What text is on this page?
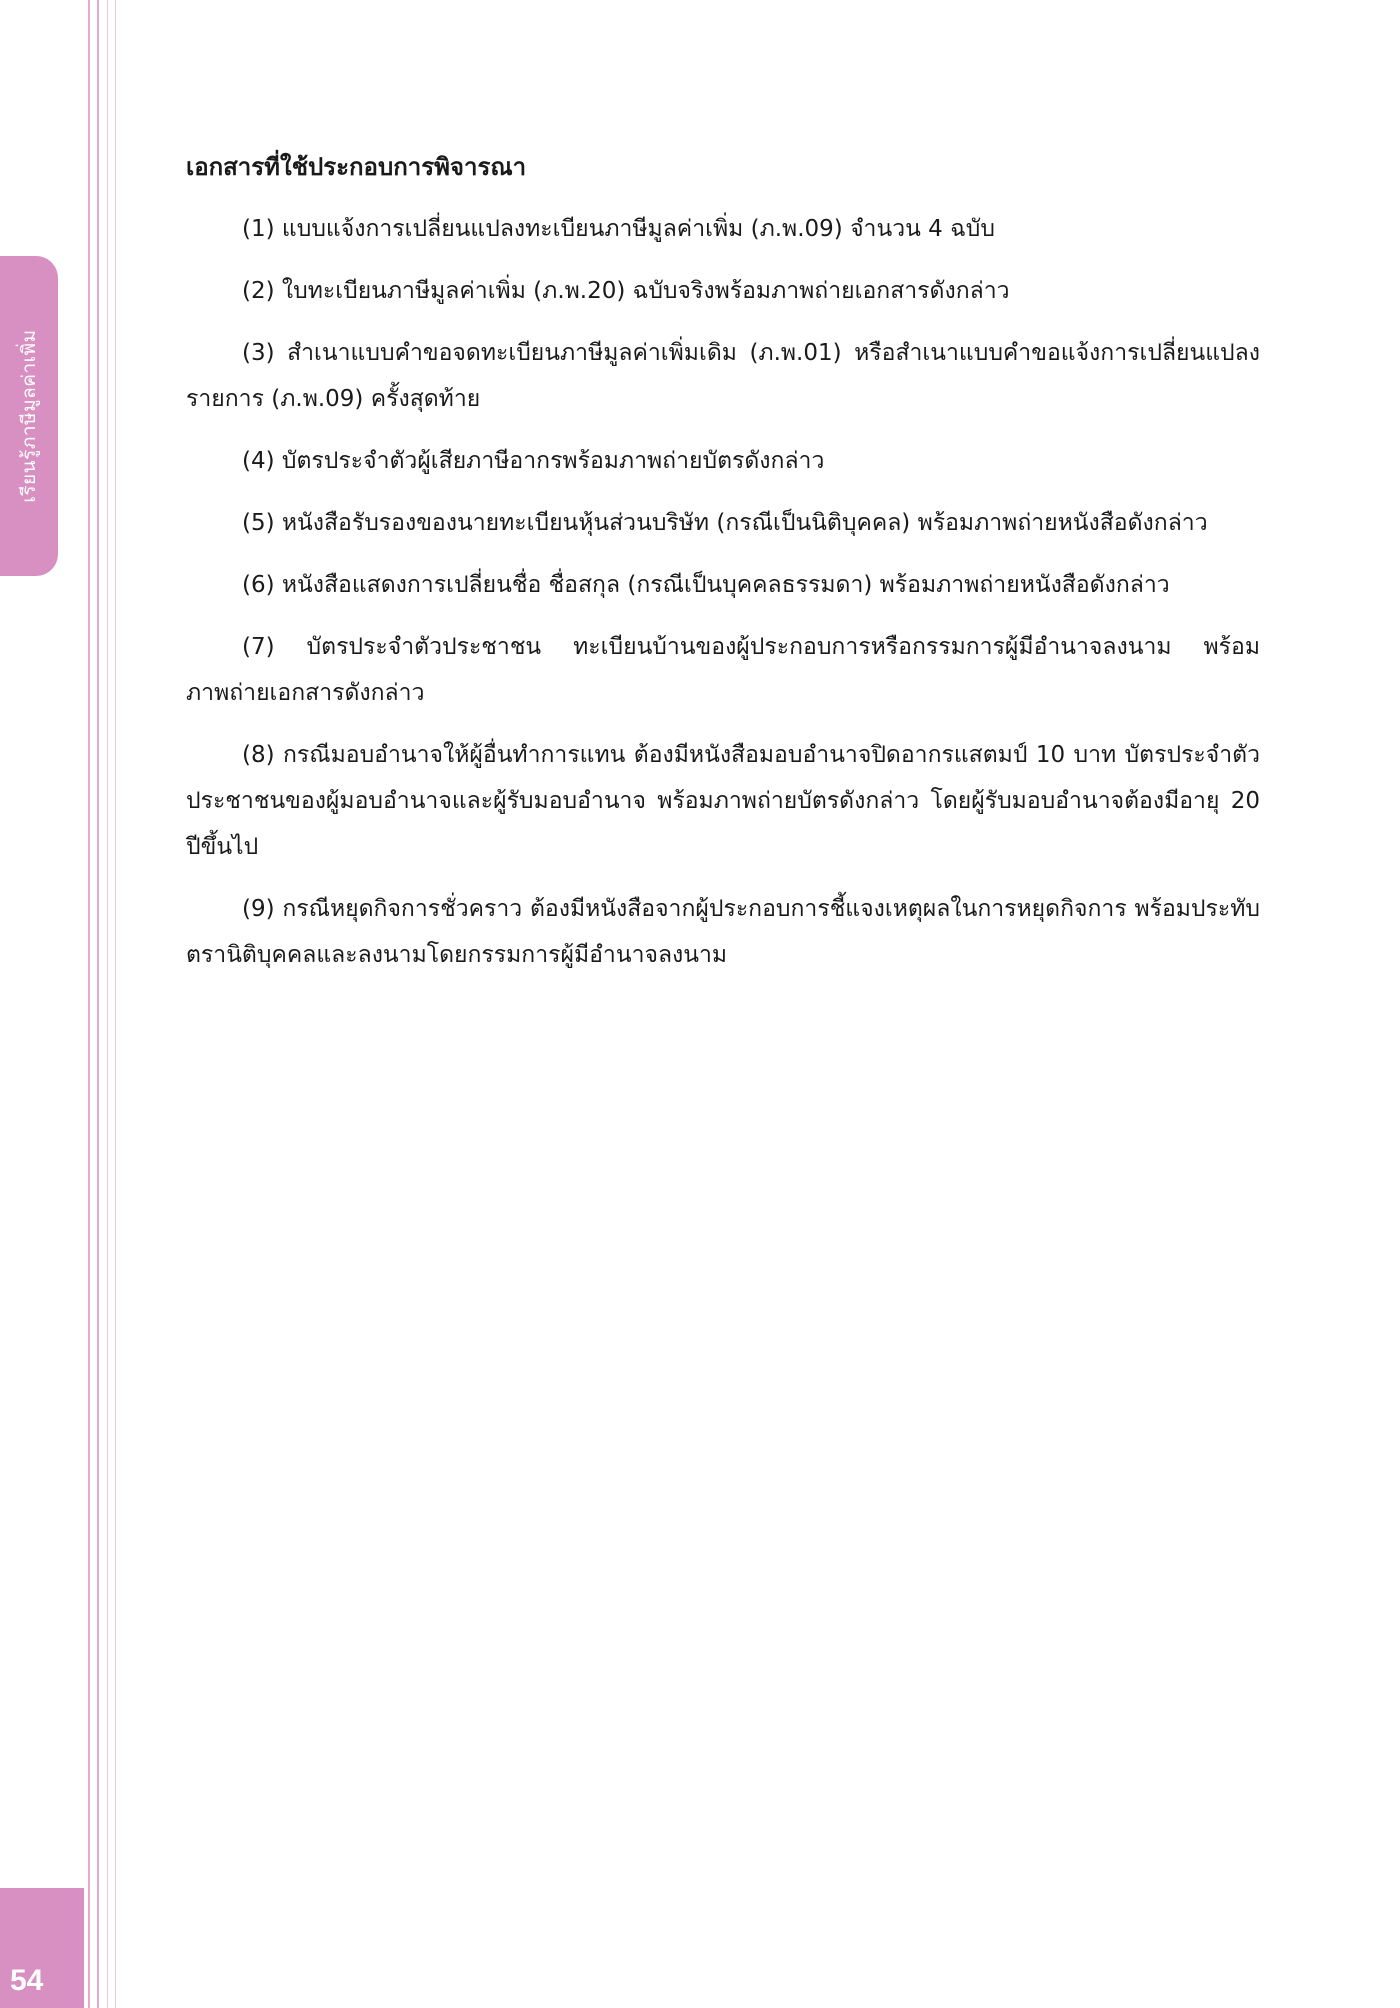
เรียนรู้ภาษีมูลค่าเพิ่ม
54
เอกสารที่ใช้ประกอบการพิจารณา

(1) แบบแจ้งการเปลี่ยนแปลงทะเบียนภาษีมูลค่าเพิ่ม (ภ.พ.09) จำนวน 4 ฉบับ

(2) ใบทะเบียนภาษีมูลค่าเพิ่ม (ภ.พ.20) ฉบับจริงพร้อมภาพถ่ายเอกสารดังกล่าว

(3) สำเนาแบบคำขอจดทะเบียนภาษีมูลค่าเพิ่มเดิม (ภ.พ.01) หรือสำเนาแบบคำขอแจ้งการเปลี่ยนแปลงรายการ (ภ.พ.09) ครั้งสุดท้าย

(4) บัตรประจำตัวผู้เสียภาษีอากรพร้อมภาพถ่ายบัตรดังกล่าว

(5) หนังสือรับรองของนายทะเบียนหุ้นส่วนบริษัท (กรณีเป็นนิติบุคคล) พร้อมภาพถ่ายหนังสือดังกล่าว

(6) หนังสือแสดงการเปลี่ยนชื่อ ชื่อสกุล (กรณีเป็นบุคคลธรรมดา) พร้อมภาพถ่ายหนังสือดังกล่าว

(7) บัตรประจำตัวประชาชน ทะเบียนบ้านของผู้ประกอบการหรือกรรมการผู้มีอำนาจลงนาม พร้อมภาพถ่ายเอกสารดังกล่าว

(8) กรณีมอบอำนาจให้ผู้อื่นทำการแทน ต้องมีหนังสือมอบอำนาจปิดอากรแสตมป์ 10 บาท บัตรประจำตัวประชาชนของผู้มอบอำนาจและผู้รับมอบอำนาจ พร้อมภาพถ่ายบัตรดังกล่าว โดยผู้รับมอบอำนาจต้องมีอายุ 20 ปีขึ้นไป

(9) กรณีหยุดกิจการชั่วคราว ต้องมีหนังสือจากผู้ประกอบการชี้แจงเหตุผลในการหยุดกิจการ พร้อมประทับตรานิติบุคคลและลงนามโดยกรรมการผู้มีอำนาจลงนาม
